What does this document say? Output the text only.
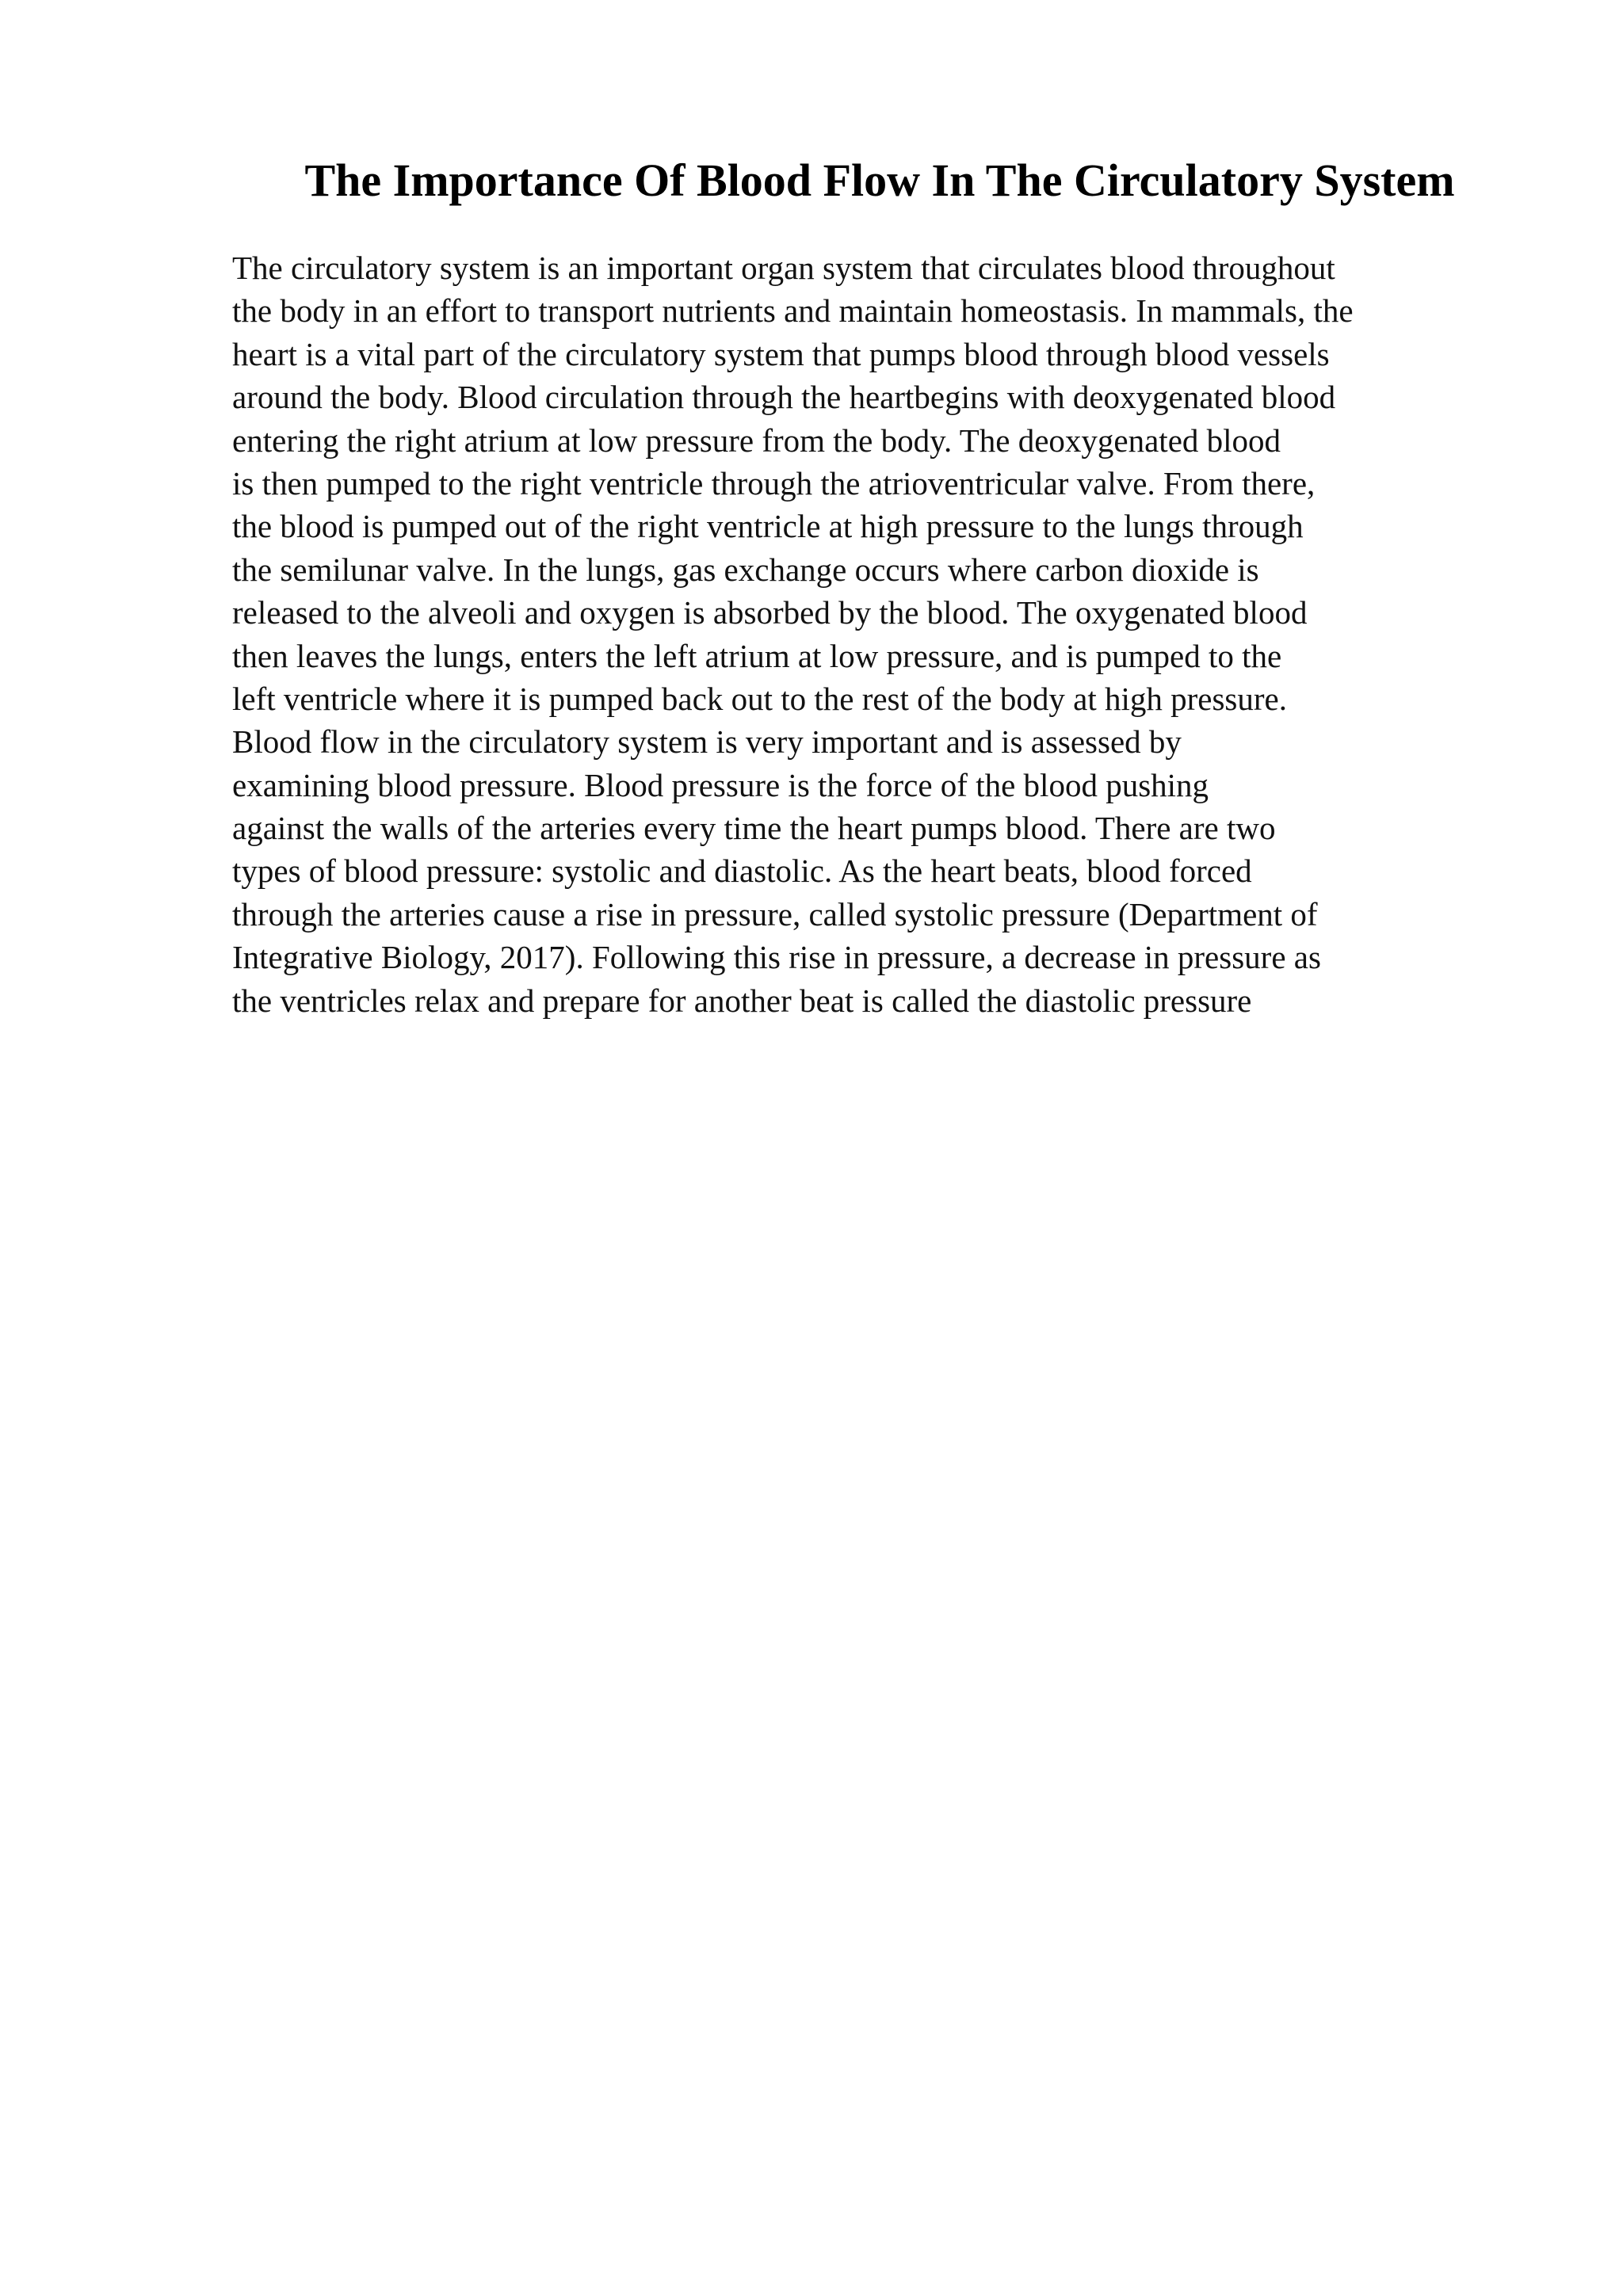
The Importance Of Blood Flow In The Circulatory System
The circulatory system is an important organ system that circulates blood throughout
the body in an effort to transport nutrients and maintain homeostasis. In mammals, the
heart is a vital part of the circulatory system that pumps blood through blood vessels
around the body. Blood circulation through the heartbegins with deoxygenated blood
entering the right atrium at low pressure from the body. The deoxygenated blood
is then pumped to the right ventricle through the atrioventricular valve. From there,
the blood is pumped out of the right ventricle at high pressure to the lungs through
the semilunar valve. In the lungs, gas exchange occurs where carbon dioxide is
released to the alveoli and oxygen is absorbed by the blood. The oxygenated blood
then leaves the lungs, enters the left atrium at low pressure, and is pumped to the
left ventricle where it is pumped back out to the rest of the body at high pressure.
Blood flow in the circulatory system is very important and is assessed by
examining blood pressure. Blood pressure is the force of the blood pushing
against the walls of the arteries every time the heart pumps blood. There are two
types of blood pressure: systolic and diastolic. As the heart beats, blood forced
through the arteries cause a rise in pressure, called systolic pressure (Department of
Integrative Biology, 2017). Following this rise in pressure, a decrease in pressure as
the ventricles relax and prepare for another beat is called the diastolic pressure
